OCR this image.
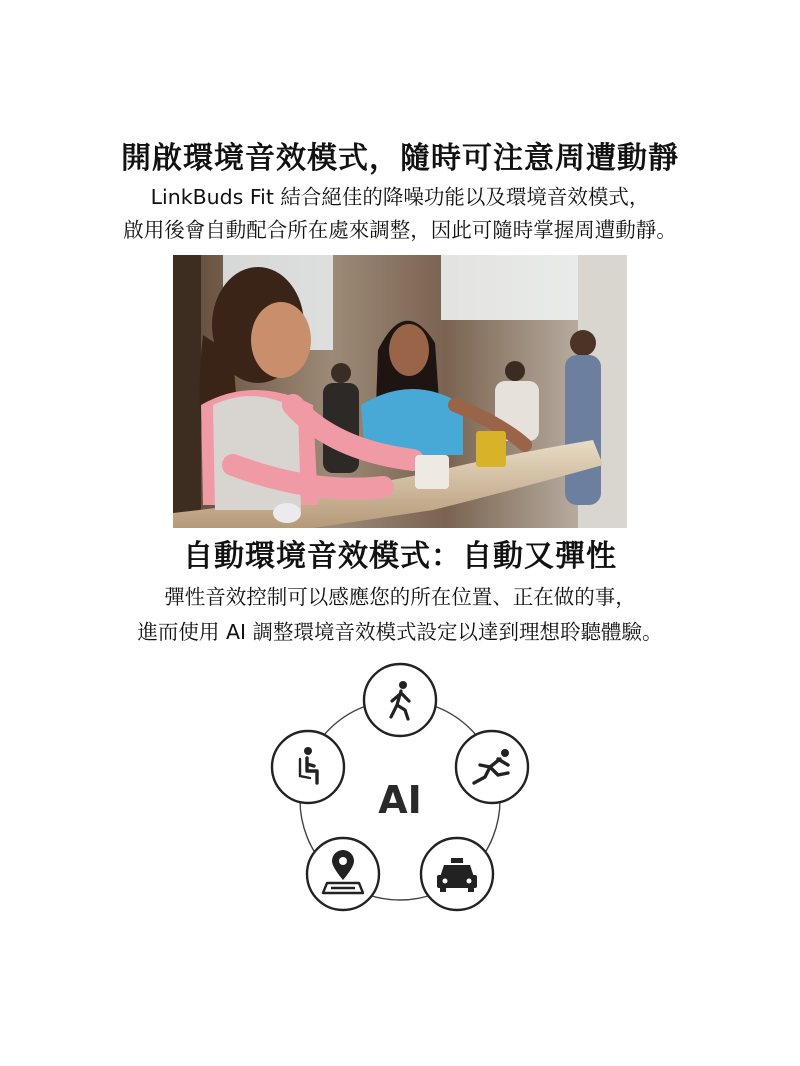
開啟環境音效模式，隨時可注意周遭動靜

LinkBuds Fit 結合絕佳的降噪功能以及環境音效模式，

啟用後會自動配合所在處來調整，因此可隨時掌握周遭動靜。

自動環境音效模式：自動又彈性

彈性音效控制可以感應您的所在位置、正在做的事，

進而使用 AI 調整環境音效模式設定以達到理想聆聽體驗。

AI
